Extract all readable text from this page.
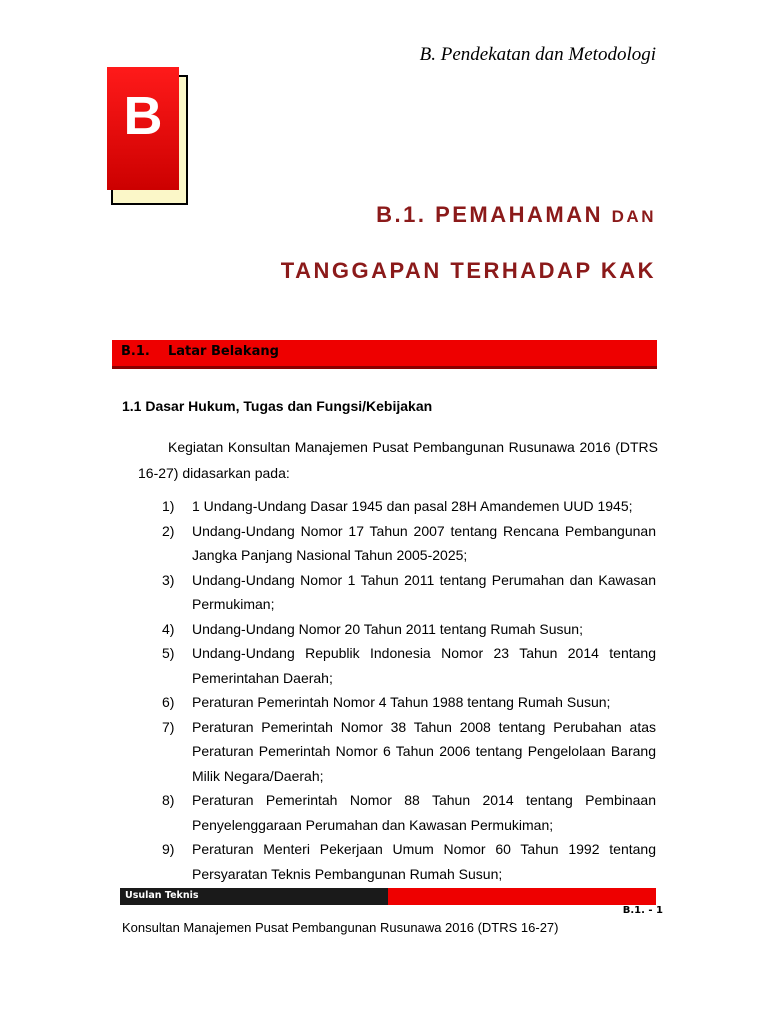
B. Pendekatan dan Metodologi

B
B.1. PEMAHAMAN DAN
TANGGAPAN TERHADAP KAK
B.1. Latar Belakang

1.1 Dasar Hukum, Tugas dan Fungsi/Kebijakan

Kegiatan Konsultan Manajemen Pusat Pembangunan Rusunawa 2016 (DTRS 16-27) didasarkan pada:

1)	1 Undang-Undang Dasar 1945 dan pasal 28H Amandemen UUD 1945;
2)	Undang-Undang Nomor 17 Tahun 2007 tentang Rencana Pembangunan Jangka Panjang Nasional Tahun 2005-2025;
3)	Undang-Undang Nomor 1 Tahun 2011 tentang Perumahan dan Kawasan Permukiman;
4)	Undang-Undang Nomor 20 Tahun 2011 tentang Rumah Susun;
5)	Undang-Undang Republik Indonesia Nomor 23 Tahun 2014 tentang Pemerintahan Daerah;
6)	Peraturan Pemerintah Nomor 4 Tahun 1988 tentang Rumah Susun;
7)	Peraturan Pemerintah Nomor 38 Tahun 2008 tentang Perubahan atas Peraturan Pemerintah Nomor 6 Tahun 2006 tentang Pengelolaan Barang Milik Negara/Daerah;
8)	Peraturan Pemerintah Nomor 88 Tahun 2014 tentang Pembinaan Penyelenggaraan Perumahan dan Kawasan Permukiman;
9)	Peraturan Menteri Pekerjaan Umum Nomor 60 Tahun 1992 tentang Persyaratan Teknis Pembangunan Rumah Susun;
Usulan Teknis
B.1. - 1

Konsultan Manajemen Pusat Pembangunan Rusunawa 2016 (DTRS 16-27)
